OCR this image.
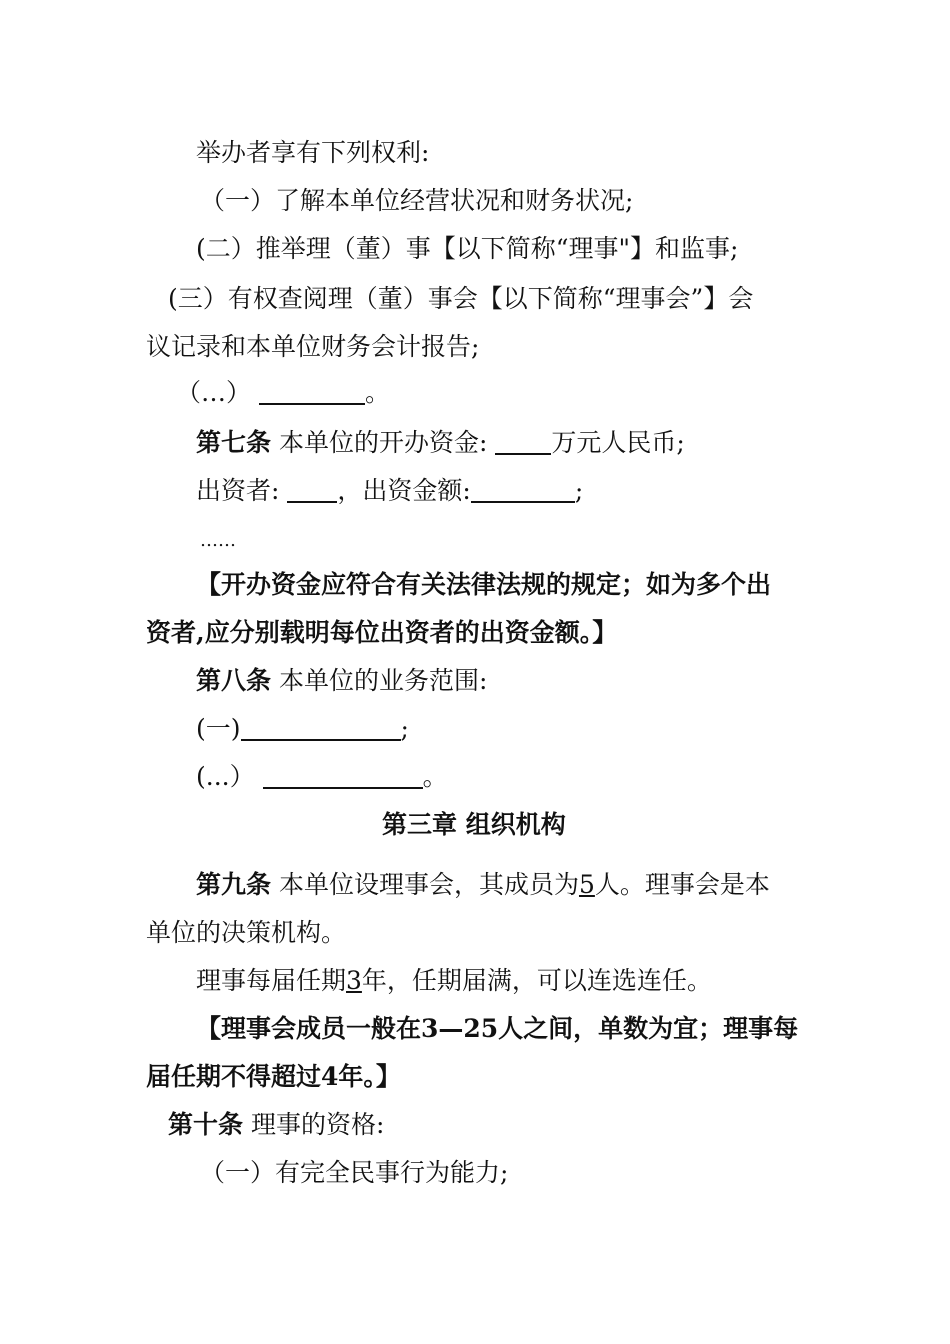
举办者享有下列权利:
（一）了解本单位经营状况和财务状况;
(二）推举理（董）事【以下简称“理事"】和监事;
(三）有权查阅理（董）事会【以下简称“理事会”】会
议记录和本单位财务会计报告;
（…）	。
第七条 本单位的开办资金:	万元人民币;
出资者: ，出资金额:	;
……
【开办资金应符合有关法律法规的规定；如为多个出
资者,应分别载明每位出资者的出资金额。】
第八条 本单位的业务范围:
(一)	;
(...）	。
第三章 组织机构
第九条 本单位设理事会，其成员为5人。理事会是本
单位的决策机构。
理事每届任期3年，任期届满，可以连选连任。
【理事会成员一般在3—25人之间，单数为宜；理事每
届任期不得超过4年。】
第十条 理事的资格:
（一）有完全民事行为能力;
